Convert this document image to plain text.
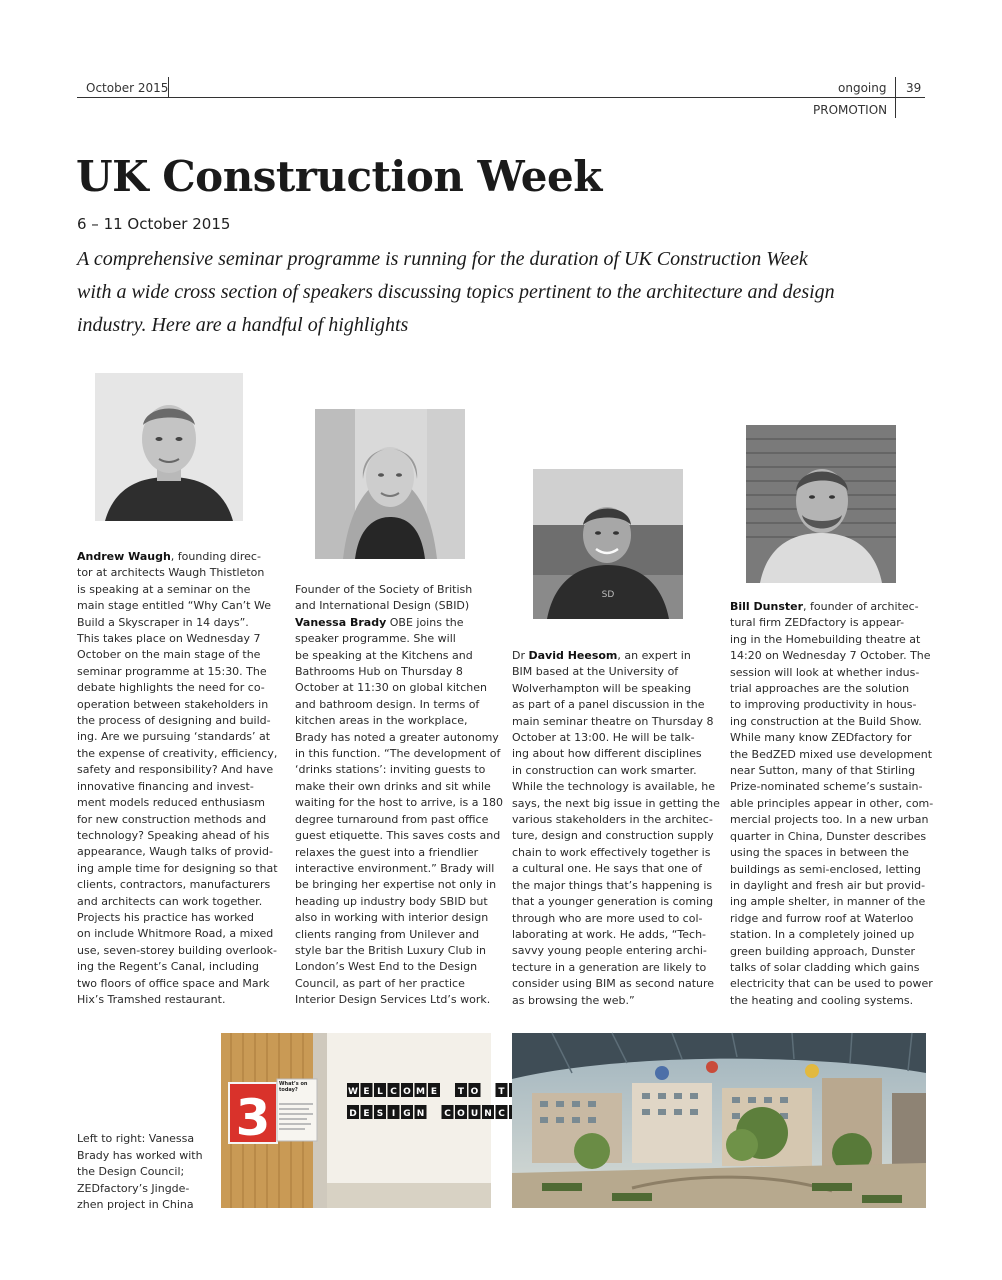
October 2015	ongoing 39
PROMOTION
UK Construction Week
6 – 11 October 2015
A comprehensive seminar programme is running for the duration of UK Construction Week
with a wide cross section of speakers discussing topics pertinent to the architecture and design
industry. Here are a handful of highlights
SD
Andrew Waugh, founding direc-
tor at architects Waugh Thistleton
is speaking at a seminar on the
main stage entitled “Why Can’t We
Build a Skyscraper in 14 days”.
This takes place on Wednesday 7
October on the main stage of the
seminar programme at 15:30. The
debate highlights the need for co-
operation between stakeholders in
the process of designing and build-
ing. Are we pursuing ‘standards’ at
the expense of creativity, efficiency,
safety and responsibility? And have
innovative financing and invest-
ment models reduced enthusiasm
for new construction methods and
technology? Speaking ahead of his
appearance, Waugh talks of provid-
ing ample time for designing so that
clients, contractors, manufacturers
and architects can work together.
Projects his practice has worked
on include Whitmore Road, a mixed
use, seven-storey building overlook-
ing the Regent’s Canal, including
two floors of office space and Mark
Hix’s Tramshed restaurant.
Founder of the Society of British
and International Design (SBID)
Vanessa Brady OBE joins the
speaker programme. She will
be speaking at the Kitchens and
Bathrooms Hub on Thursday 8
October at 11:30 on global kitchen
and bathroom design. In terms of
kitchen areas in the workplace,
Brady has noted a greater autonomy
in this function. “The development of
‘drinks stations’: inviting guests to
make their own drinks and sit while
waiting for the host to arrive, is a 180
degree turnaround from past office
guest etiquette. This saves costs and
relaxes the guest into a friendlier
interactive environment.” Brady will
be bringing her expertise not only in
heading up industry body SBID but
also in working with interior design
clients ranging from Unilever and
style bar the British Luxury Club in
London’s West End to the Design
Council, as part of her practice
Interior Design Services Ltd’s work.
Dr David Heesom, an expert in
BIM based at the University of
Wolverhampton will be speaking
as part of a panel discussion in the
main seminar theatre on Thursday 8
October at 13:00. He will be talk-
ing about how different disciplines
in construction can work smarter.
While the technology is available, he
says, the next big issue in getting the
various stakeholders in the architec-
ture, design and construction supply
chain to work effectively together is
a cultural one. He says that one of
the major things that’s happening is
that a younger generation is coming
through who are more used to col-
laborating at work. He adds, “Tech-
savvy young people entering archi-
tecture in a generation are likely to
consider using BIM as second nature
as browsing the web.”
Bill Dunster, founder of architec-
tural firm ZEDfactory is appear-
ing in the Homebuilding theatre at
14:20 on Wednesday 7 October. The
session will look at whether indus-
trial approaches are the solution
to improving productivity in hous-
ing construction at the Build Show.
While many know ZEDfactory for
the BedZED mixed use development
near Sutton, many of that Stirling
Prize-nominated scheme’s sustain-
able principles appear in other, com-
mercial projects too. In a new urban
quarter in China, Dunster describes
using the spaces in between the
buildings as semi-enclosed, letting
in daylight and fresh air but provid-
ing ample shelter, in manner of the
ridge and furrow roof at Waterloo
station. In a completely joined up
green building approach, Dunster
talks of solar cladding which gains
electricity that can be used to power
the heating and cooling systems.
Left to right: Vanessa
Brady has worked with
the Design Council;
ZEDfactory’s Jingde-
zhen project in China
3
What’s on today?	W E L C O M E T O T
D E S I G N C O U N C
